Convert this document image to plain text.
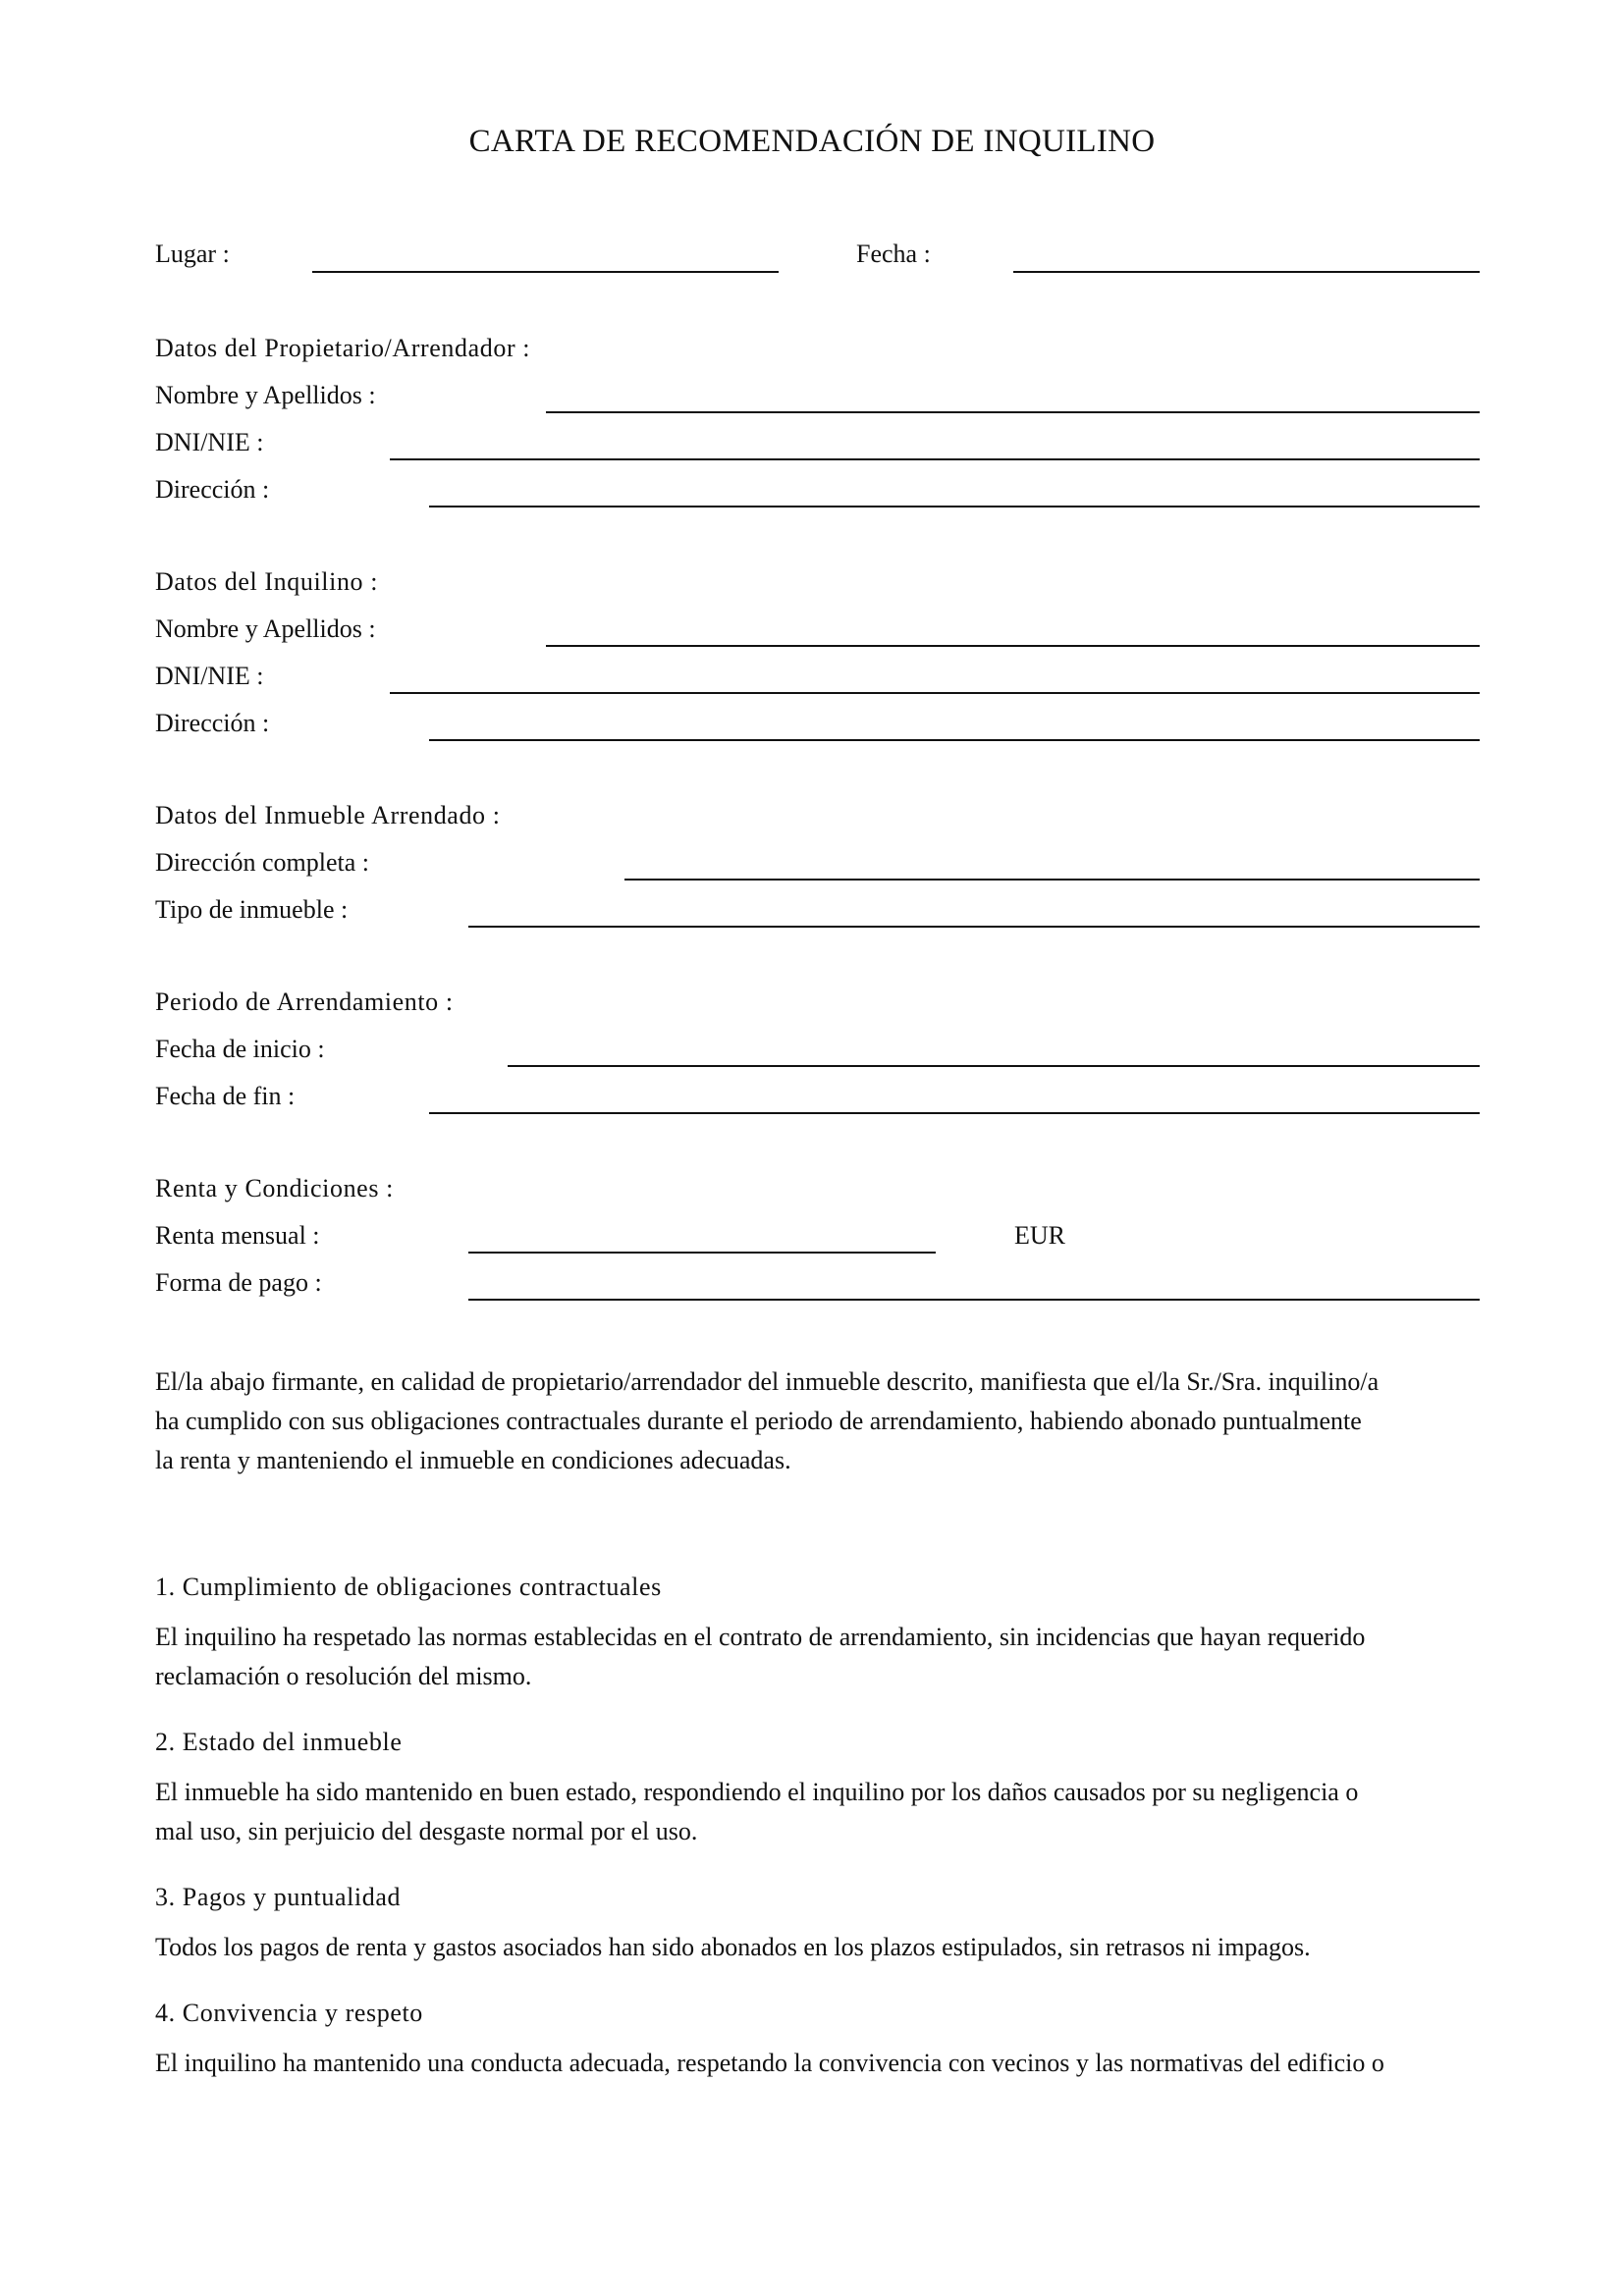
CARTA DE RECOMENDACIÓN DE INQUILINO
Lugar :	Fecha :
Datos del Propietario/Arrendador :
Nombre y Apellidos :
DNI/NIE :
Dirección :
Datos del Inquilino :
Nombre y Apellidos :
DNI/NIE :
Dirección :
Datos del Inmueble Arrendado :
Dirección completa :
Tipo de inmueble :
Periodo de Arrendamiento :
Fecha de inicio :
Fecha de fin :
Renta y Condiciones :
Renta mensual :	EUR
Forma de pago :
El/la abajo firmante, en calidad de propietario/arrendador del inmueble descrito, manifiesta que el/la Sr./Sra. inquilino/a
ha cumplido con sus obligaciones contractuales durante el periodo de arrendamiento, habiendo abonado puntualmente
la renta y manteniendo el inmueble en condiciones adecuadas.
1. Cumplimiento de obligaciones contractuales
El inquilino ha respetado las normas establecidas en el contrato de arrendamiento, sin incidencias que hayan requerido
reclamación o resolución del mismo.
2. Estado del inmueble
El inmueble ha sido mantenido en buen estado, respondiendo el inquilino por los daños causados por su negligencia o
mal uso, sin perjuicio del desgaste normal por el uso.
3. Pagos y puntualidad
Todos los pagos de renta y gastos asociados han sido abonados en los plazos estipulados, sin retrasos ni impagos.
4. Convivencia y respeto
El inquilino ha mantenido una conducta adecuada, respetando la convivencia con vecinos y las normativas del edificio o
